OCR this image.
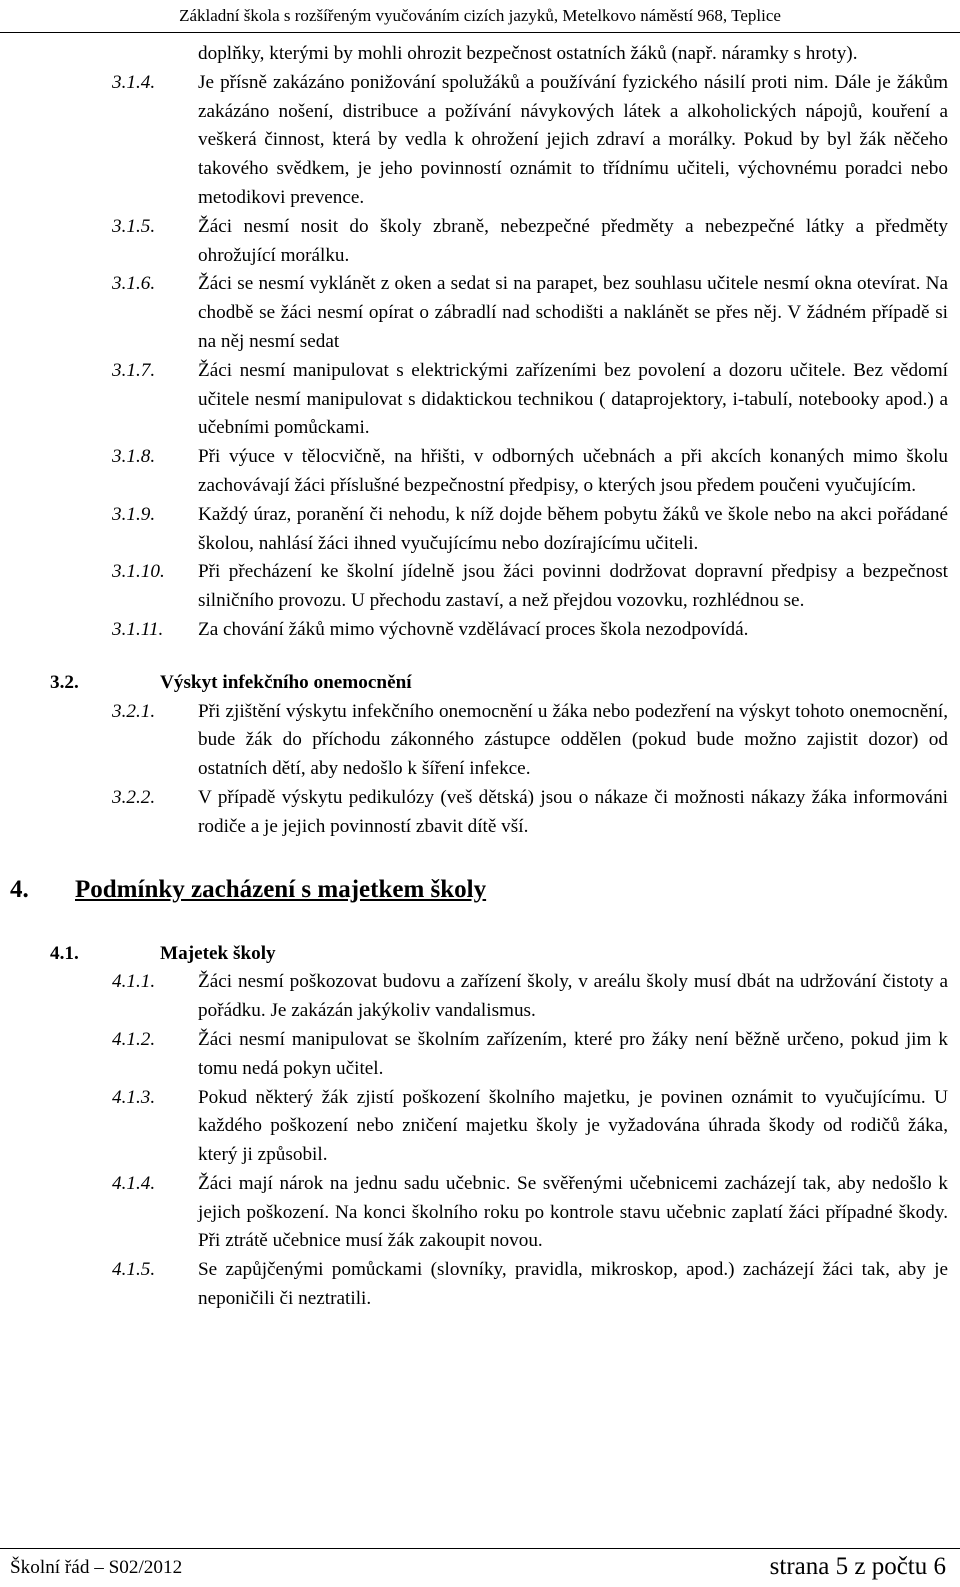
Základní škola s rozšířeným vyučováním cizích jazyků, Metelkovo náměstí 968, Teplice
doplňky, kterými by mohli ohrozit bezpečnost ostatních žáků (např. náramky s hroty).
3.1.4. Je přísně zakázáno ponižování spolužáků a používání fyzického násilí proti nim. Dále je žákům zakázáno nošení, distribuce a požívání návykových látek a alkoholických nápojů, kouření a veškerá činnost, která by vedla k ohrožení jejich zdraví a morálky. Pokud by byl žák něčeho takového svědkem, je jeho povinností oznámit to třídnímu učiteli, výchovnému poradci nebo metodikovi prevence.
3.1.5. Žáci nesmí nosit do školy zbraně, nebezpečné předměty a nebezpečné látky a předměty ohrožující morálku.
3.1.6. Žáci se nesmí vyklánět z oken a sedat si na parapet, bez souhlasu učitele nesmí okna otevírat. Na chodbě se žáci nesmí opírat o zábradlí nad schodišti a naklánět se přes něj. V žádném případě si na něj nesmí sedat
3.1.7. Žáci nesmí manipulovat s elektrickými zařízeními bez povolení a dozoru učitele. Bez vědomí učitele nesmí manipulovat s didaktickou technikou ( dataprojektory, i-tabulí, notebooky apod.) a učebními pomůckami.
3.1.8. Při výuce v tělocvičně, na hřišti, v odborných učebnách a při akcích konaných mimo školu zachovávají žáci příslušné bezpečnostní předpisy, o kterých jsou předem poučeni vyučujícím.
3.1.9. Každý úraz, poranění či nehodu, k níž dojde během pobytu žáků ve škole nebo na akci pořádané školou, nahlásí žáci ihned vyučujícímu nebo dozírajícímu učiteli.
3.1.10. Při přecházení ke školní jídelně jsou žáci povinni dodržovat dopravní předpisy a bezpečnost silničního provozu. U přechodu zastaví, a než přejdou vozovku, rozhlédnou se.
3.1.11. Za chování žáků mimo výchovně vzdělávací proces škola nezodpovídá.
3.2.	Výskyt infekčního onemocnění

3.2.1. Při zjištění výskytu infekčního onemocnění u žáka nebo podezření na výskyt tohoto onemocnění, bude žák do příchodu zákonného zástupce oddělen (pokud bude možno zajistit dozor) od ostatních dětí, aby nedošlo k šíření infekce.
3.2.2. V případě výskytu pedikulózy (veš dětská) jsou o nákaze či možnosti nákazy žáka informováni rodiče a je jejich povinností zbavit dítě vší.
4. Podmínky zacházení s majetkem školy
4.1.	Majetek školy

4.1.1. Žáci nesmí poškozovat budovu a zařízení školy, v areálu školy musí dbát na udržování čistoty a pořádku. Je zakázán jakýkoliv vandalismus.
4.1.2. Žáci nesmí manipulovat se školním zařízením, které pro žáky není běžně určeno, pokud jim k tomu nedá pokyn učitel.
4.1.3. Pokud některý žák zjistí poškození školního majetku, je povinen oznámit to vyučujícímu. U každého poškození nebo zničení majetku školy je vyžadována úhrada škody od rodičů žáka, který ji způsobil.
4.1.4. Žáci mají nárok na jednu sadu učebnic. Se svěřenými učebnicemi zacházejí tak, aby nedošlo k jejich poškození. Na konci školního roku po kontrole stavu učebnic zaplatí žáci případné škody. Při ztrátě učebnice musí žák zakoupit novou.
4.1.5. Se zapůjčenými pomůckami (slovníky, pravidla, mikroskop, apod.) zacházejí žáci tak, aby je neponičili či neztratili.
Školní řád – S02/2012	strana 5 z počtu 6
